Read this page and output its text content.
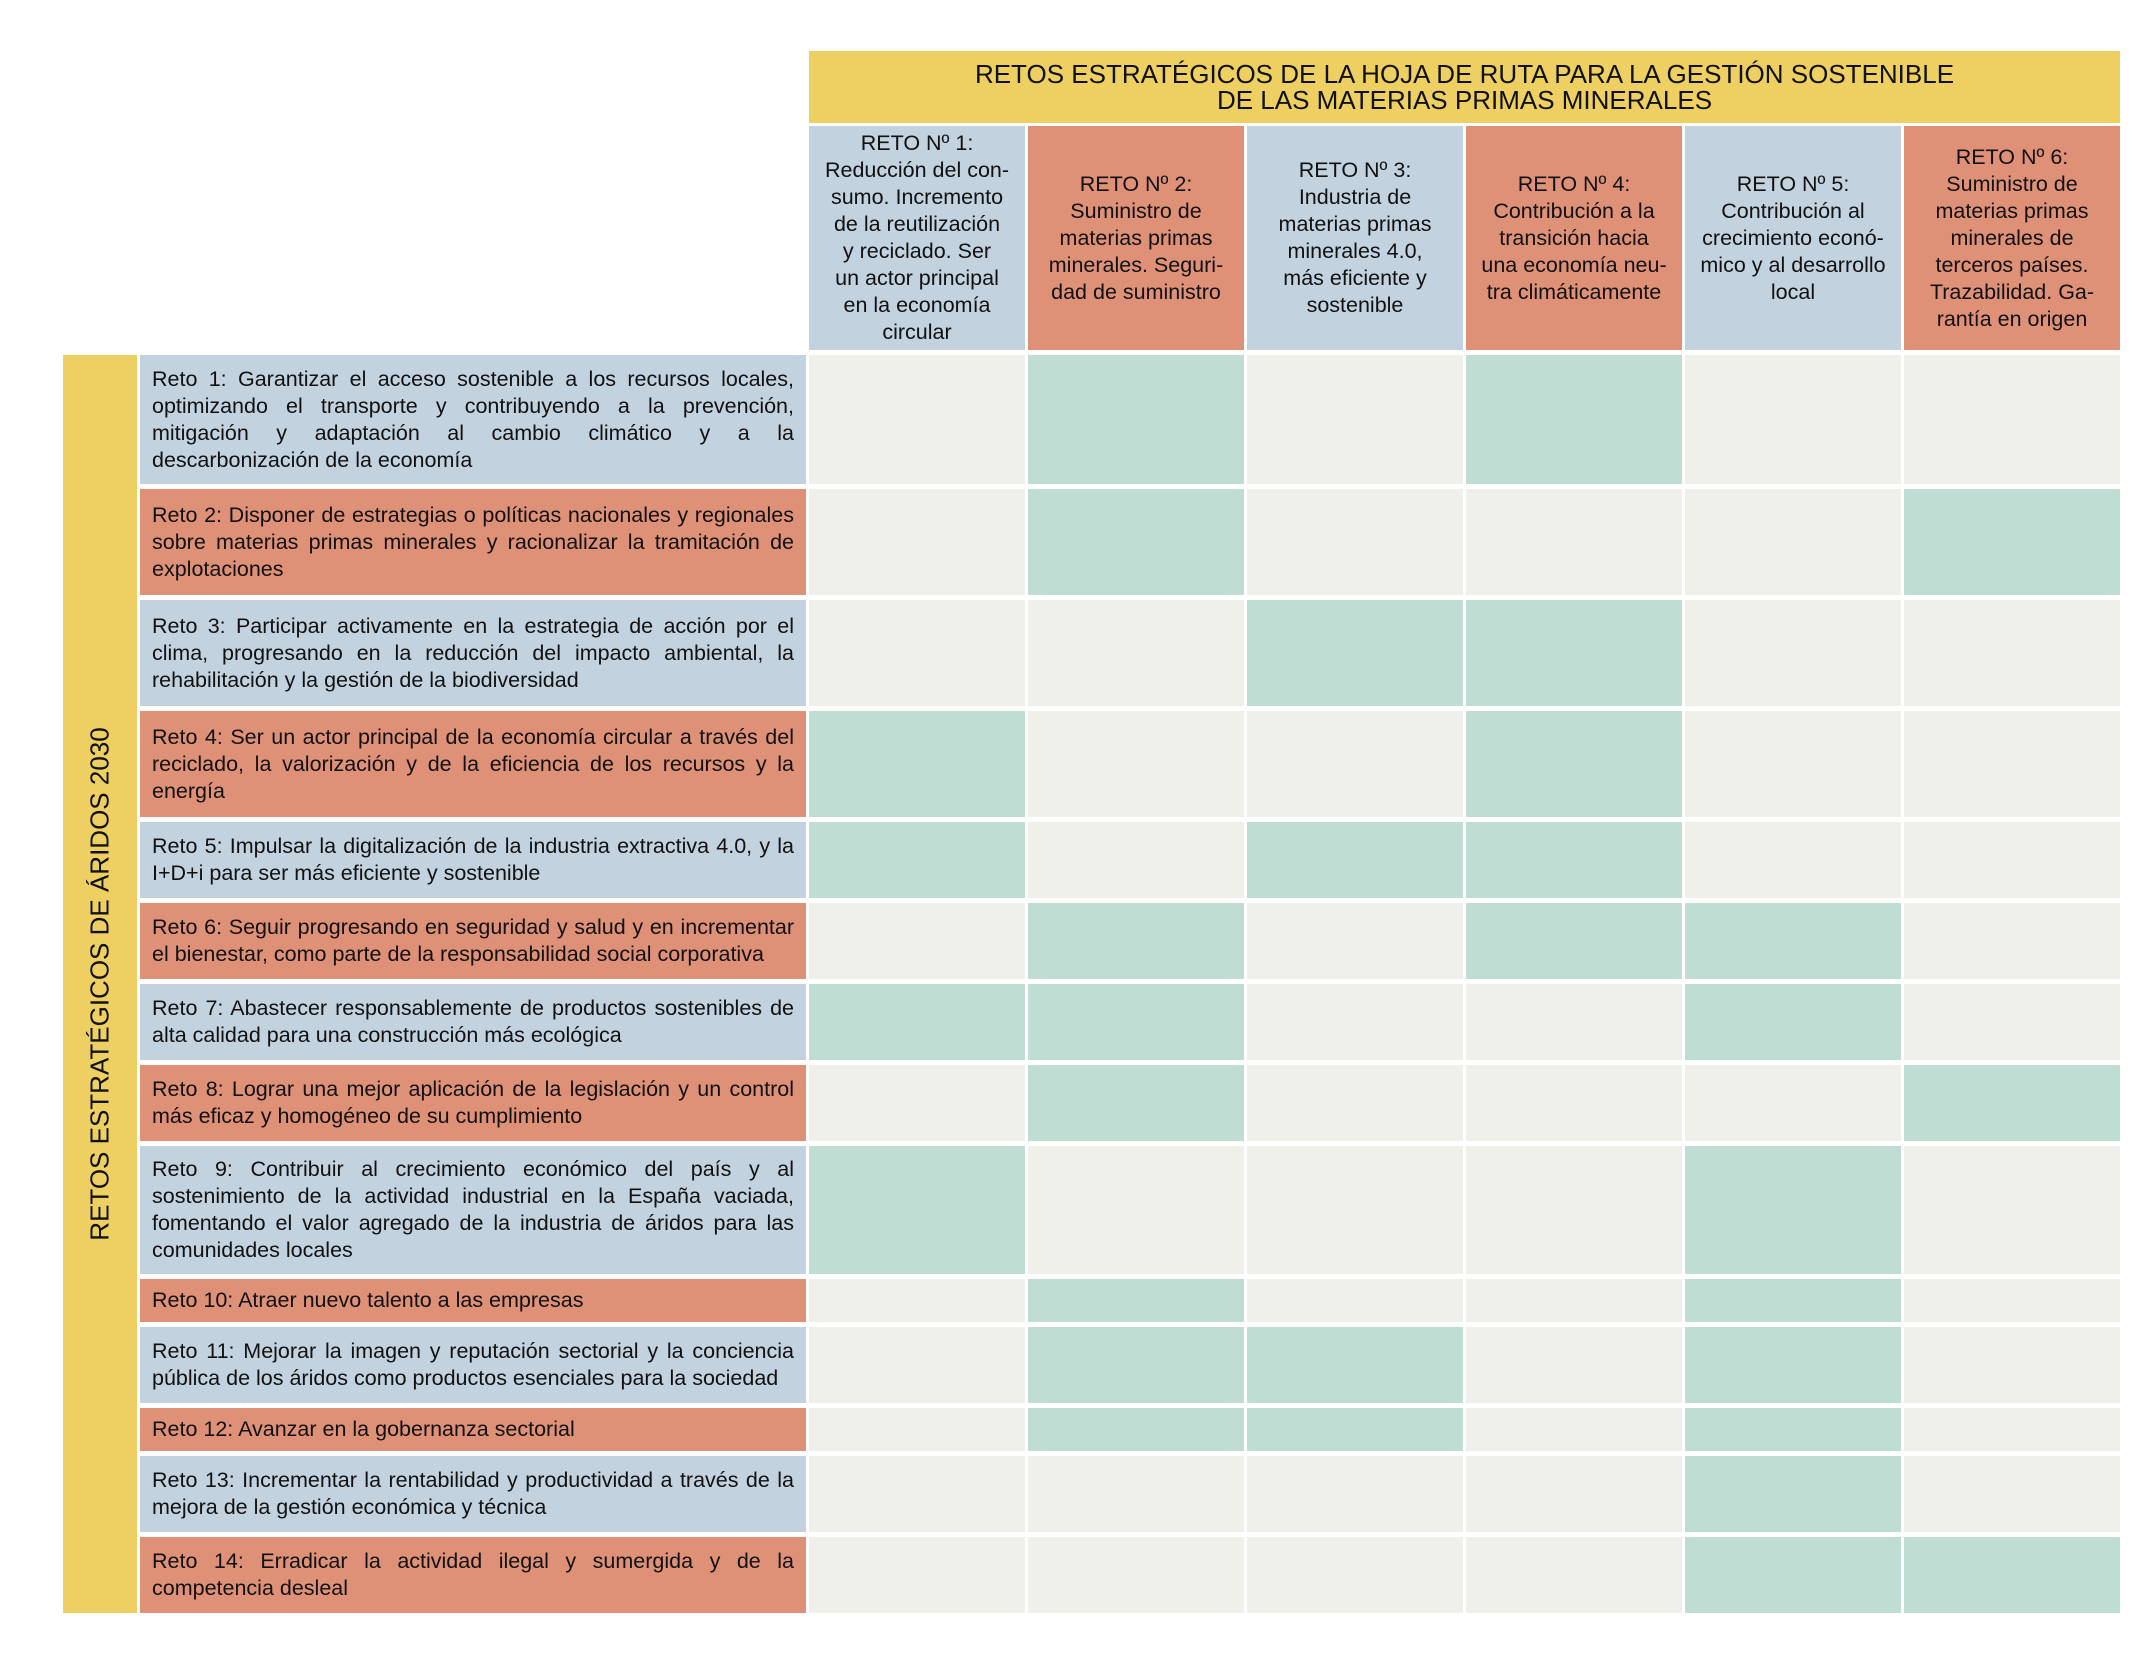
RETOS ESTRATÉGICOS DE LA HOJA DE RUTA PARA LA GESTIÓN SOSTENIBLE
DE LAS MATERIAS PRIMAS MINERALES
RETOS ESTRATÉGICOS DE ÁRIDOS 2030
RETO Nº 1:
Reducción del con-
sumo. Incremento
de la reutilización
y reciclado. Ser
un actor principal
en la economía
circular
RETO Nº 2:
Suministro de
materias primas
minerales. Seguri-
dad de suministro
RETO Nº 3:
Industria de
materias primas
minerales 4.0,
más eficiente y
sostenible
RETO Nº 4:
Contribución a la
transición hacia
una economía neu-
tra climáticamente
RETO Nº 5:
Contribución al
crecimiento econó-
mico y al desarrollo
local
RETO Nº 6:
Suministro de
materias primas
minerales de
terceros países.
Trazabilidad. Ga-
rantía en origen
Reto 1: Garantizar el acceso sostenible a los recursos locales, optimizando el transporte y contribuyendo a la prevención, mitigación y adaptación al cambio climático y a la descarbonización de la economía
Reto 2: Disponer de estrategias o políticas nacionales y regionales sobre materias primas minerales y racionalizar la tramitación de explotaciones
Reto 3: Participar activamente en la estrategia de acción por el clima, progresando en la reducción del impacto ambiental, la rehabilitación y la gestión de la biodiversidad
Reto 4: Ser un actor principal de la economía circular a través del reciclado, la valorización y de la eficiencia de los recursos y la energía
Reto 5: Impulsar la digitalización de la industria extractiva 4.0, y la I+D+i para ser más eficiente y sostenible
Reto 6: Seguir progresando en seguridad y salud y en incrementar el bienestar, como parte de la responsabilidad social corporativa
Reto 7: Abastecer responsablemente de productos sostenibles de alta calidad para una construcción más ecológica
Reto 8: Lograr una mejor aplicación de la legislación y un control más eficaz y homogéneo de su cumplimiento
Reto 9: Contribuir al crecimiento económico del país y al sostenimiento de la actividad industrial en la España vaciada, fomentando el valor agregado de la industria de áridos para las comunidades locales
Reto 10: Atraer nuevo talento a las empresas
Reto 11: Mejorar la imagen y reputación sectorial y la conciencia pública de los áridos como productos esenciales para la sociedad
Reto 12: Avanzar en la gobernanza sectorial
Reto 13: Incrementar la rentabilidad y productividad a través de la mejora de la gestión económica y técnica
Reto 14: Erradicar la actividad ilegal y sumergida y de la competencia desleal
